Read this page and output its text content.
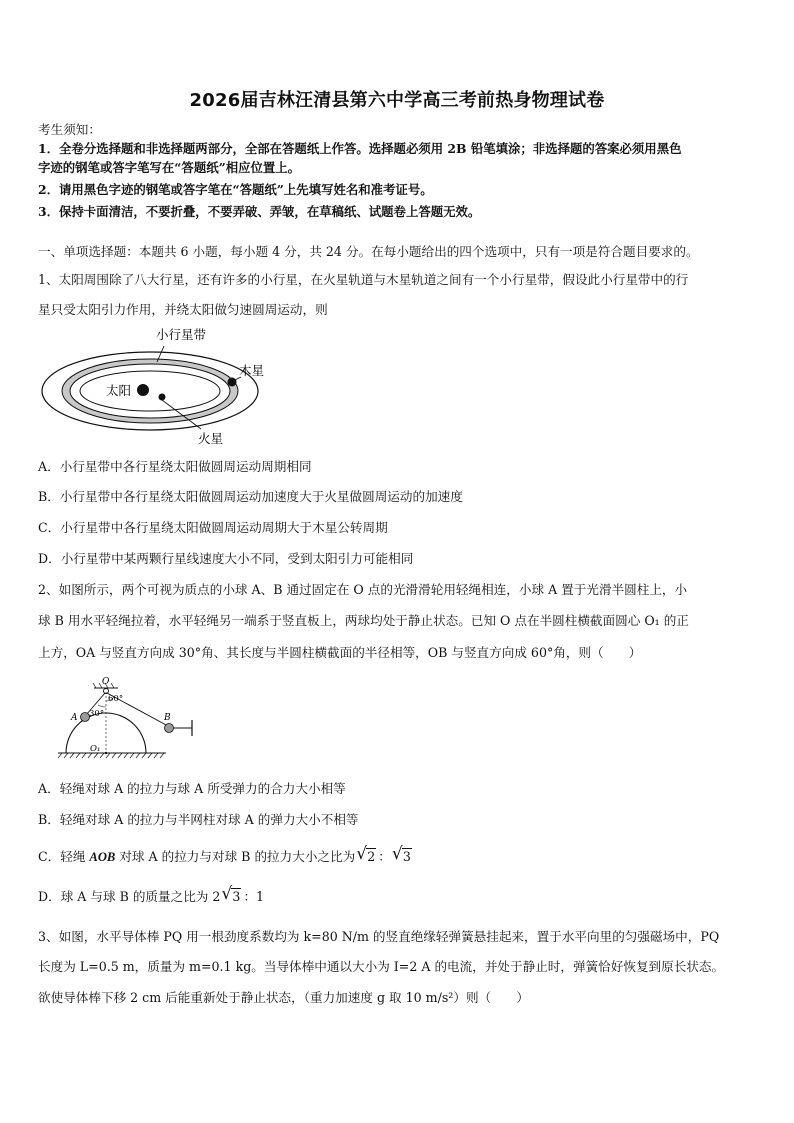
2026届吉林汪清县第六中学高三考前热身物理试卷
考生须知：
1．全卷分选择题和非选择题两部分，全部在答题纸上作答。选择题必须用 2B 铅笔填涂；非选择题的答案必须用黑色
字迹的钢笔或答字笔写在“答题纸”相应位置上。
2．请用黑色字迹的钢笔或答字笔在“答题纸”上先填写姓名和准考证号。
3．保持卡面清洁，不要折叠，不要弄破、弄皱，在草稿纸、试题卷上答题无效。
一、单项选择题：本题共 6 小题，每小题 4 分，共 24 分。在每小题给出的四个选项中，只有一项是符合题目要求的。
1、太阳周围除了八大行星，还有许多的小行星，在火星轨道与木星轨道之间有一个小行星带，假设此小行星带中的行
星只受太阳引力作用，并绕太阳做匀速圆周运动，则
小行星带
太阳
木星
火星
A．小行星带中各行星绕太阳做圆周运动周期相同
B．小行星带中各行星绕太阳做圆周运动加速度大于火星做圆周运动的加速度
C．小行星带中各行星绕太阳做圆周运动周期大于木星公转周期
D．小行星带中某两颗行星线速度大小不同，受到太阳引力可能相同
2、如图所示，两个可视为质点的小球 A、B 通过固定在 O 点的光滑滑轮用轻绳相连，小球 A 置于光滑半圆柱上，小
球 B 用水平轻绳拉着，水平轻绳另一端系于竖直板上，两球均处于静止状态。已知 O 点在半圆柱横截面圆心 O₁ 的正
上方，OA 与竖直方向成 30°角、其长度与半圆柱横截面的半径相等，OB 与竖直方向成 60°角，则（　　）
O
A	B
O₁
30°
60°
A．轻绳对球 A 的拉力与球 A 所受弹力的合力大小相等
B．轻绳对球 A 的拉力与半网柱对球 A 的弹力大小不相等
C．轻绳 AOB 对球 A 的拉力与对球 B 的拉力大小之比为 √ 2 ： √ 3
D．球 A 与球 B 的质量之比为 2 √ 3 ：1
3、如图，水平导体棒 PQ 用一根劲度系数均为 k=80 N/m 的竖直绝缘轻弹簧悬挂起来，置于水平向里的匀强磁场中，PQ
长度为 L=0.5 m，质量为 m=0.1 kg。当导体棒中通以大小为 I=2 A 的电流，并处于静止时，弹簧恰好恢复到原长状态。
欲使导体棒下移 2 cm 后能重新处于静止状态，（重力加速度 g 取 10 m/s²）则（　　）
